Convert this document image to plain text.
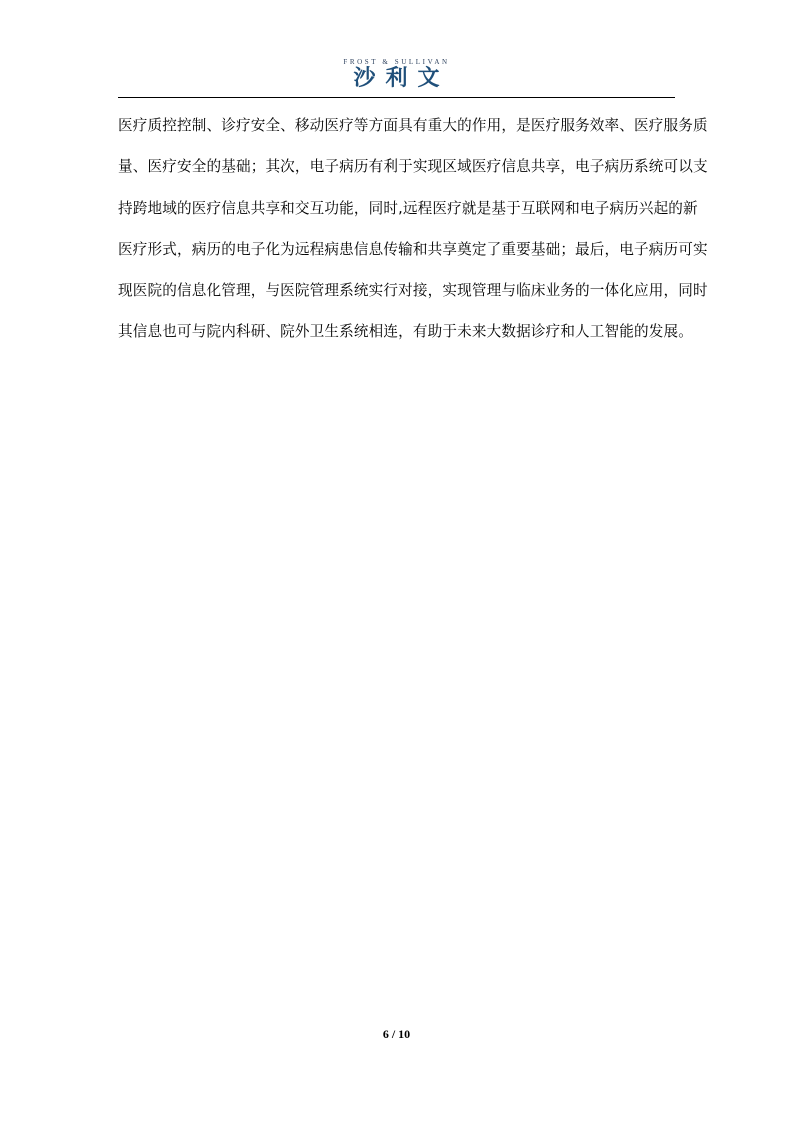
FROST & SULLIVAN
沙利文
医疗质控控制、诊疗安全、移动医疗等方面具有重大的作用，是医疗服务效率、医疗服务质
量、医疗安全的基础；其次，电子病历有利于实现区域医疗信息共享，电子病历系统可以支
持跨地域的医疗信息共享和交互功能，同时,远程医疗就是基于互联网和电子病历兴起的新
医疗形式，病历的电子化为远程病患信息传输和共享奠定了重要基础；最后，电子病历可实
现医院的信息化管理，与医院管理系统实行对接，实现管理与临床业务的一体化应用，同时
其信息也可与院内科研、院外卫生系统相连，有助于未来大数据诊疗和人工智能的发展。
6 / 10
